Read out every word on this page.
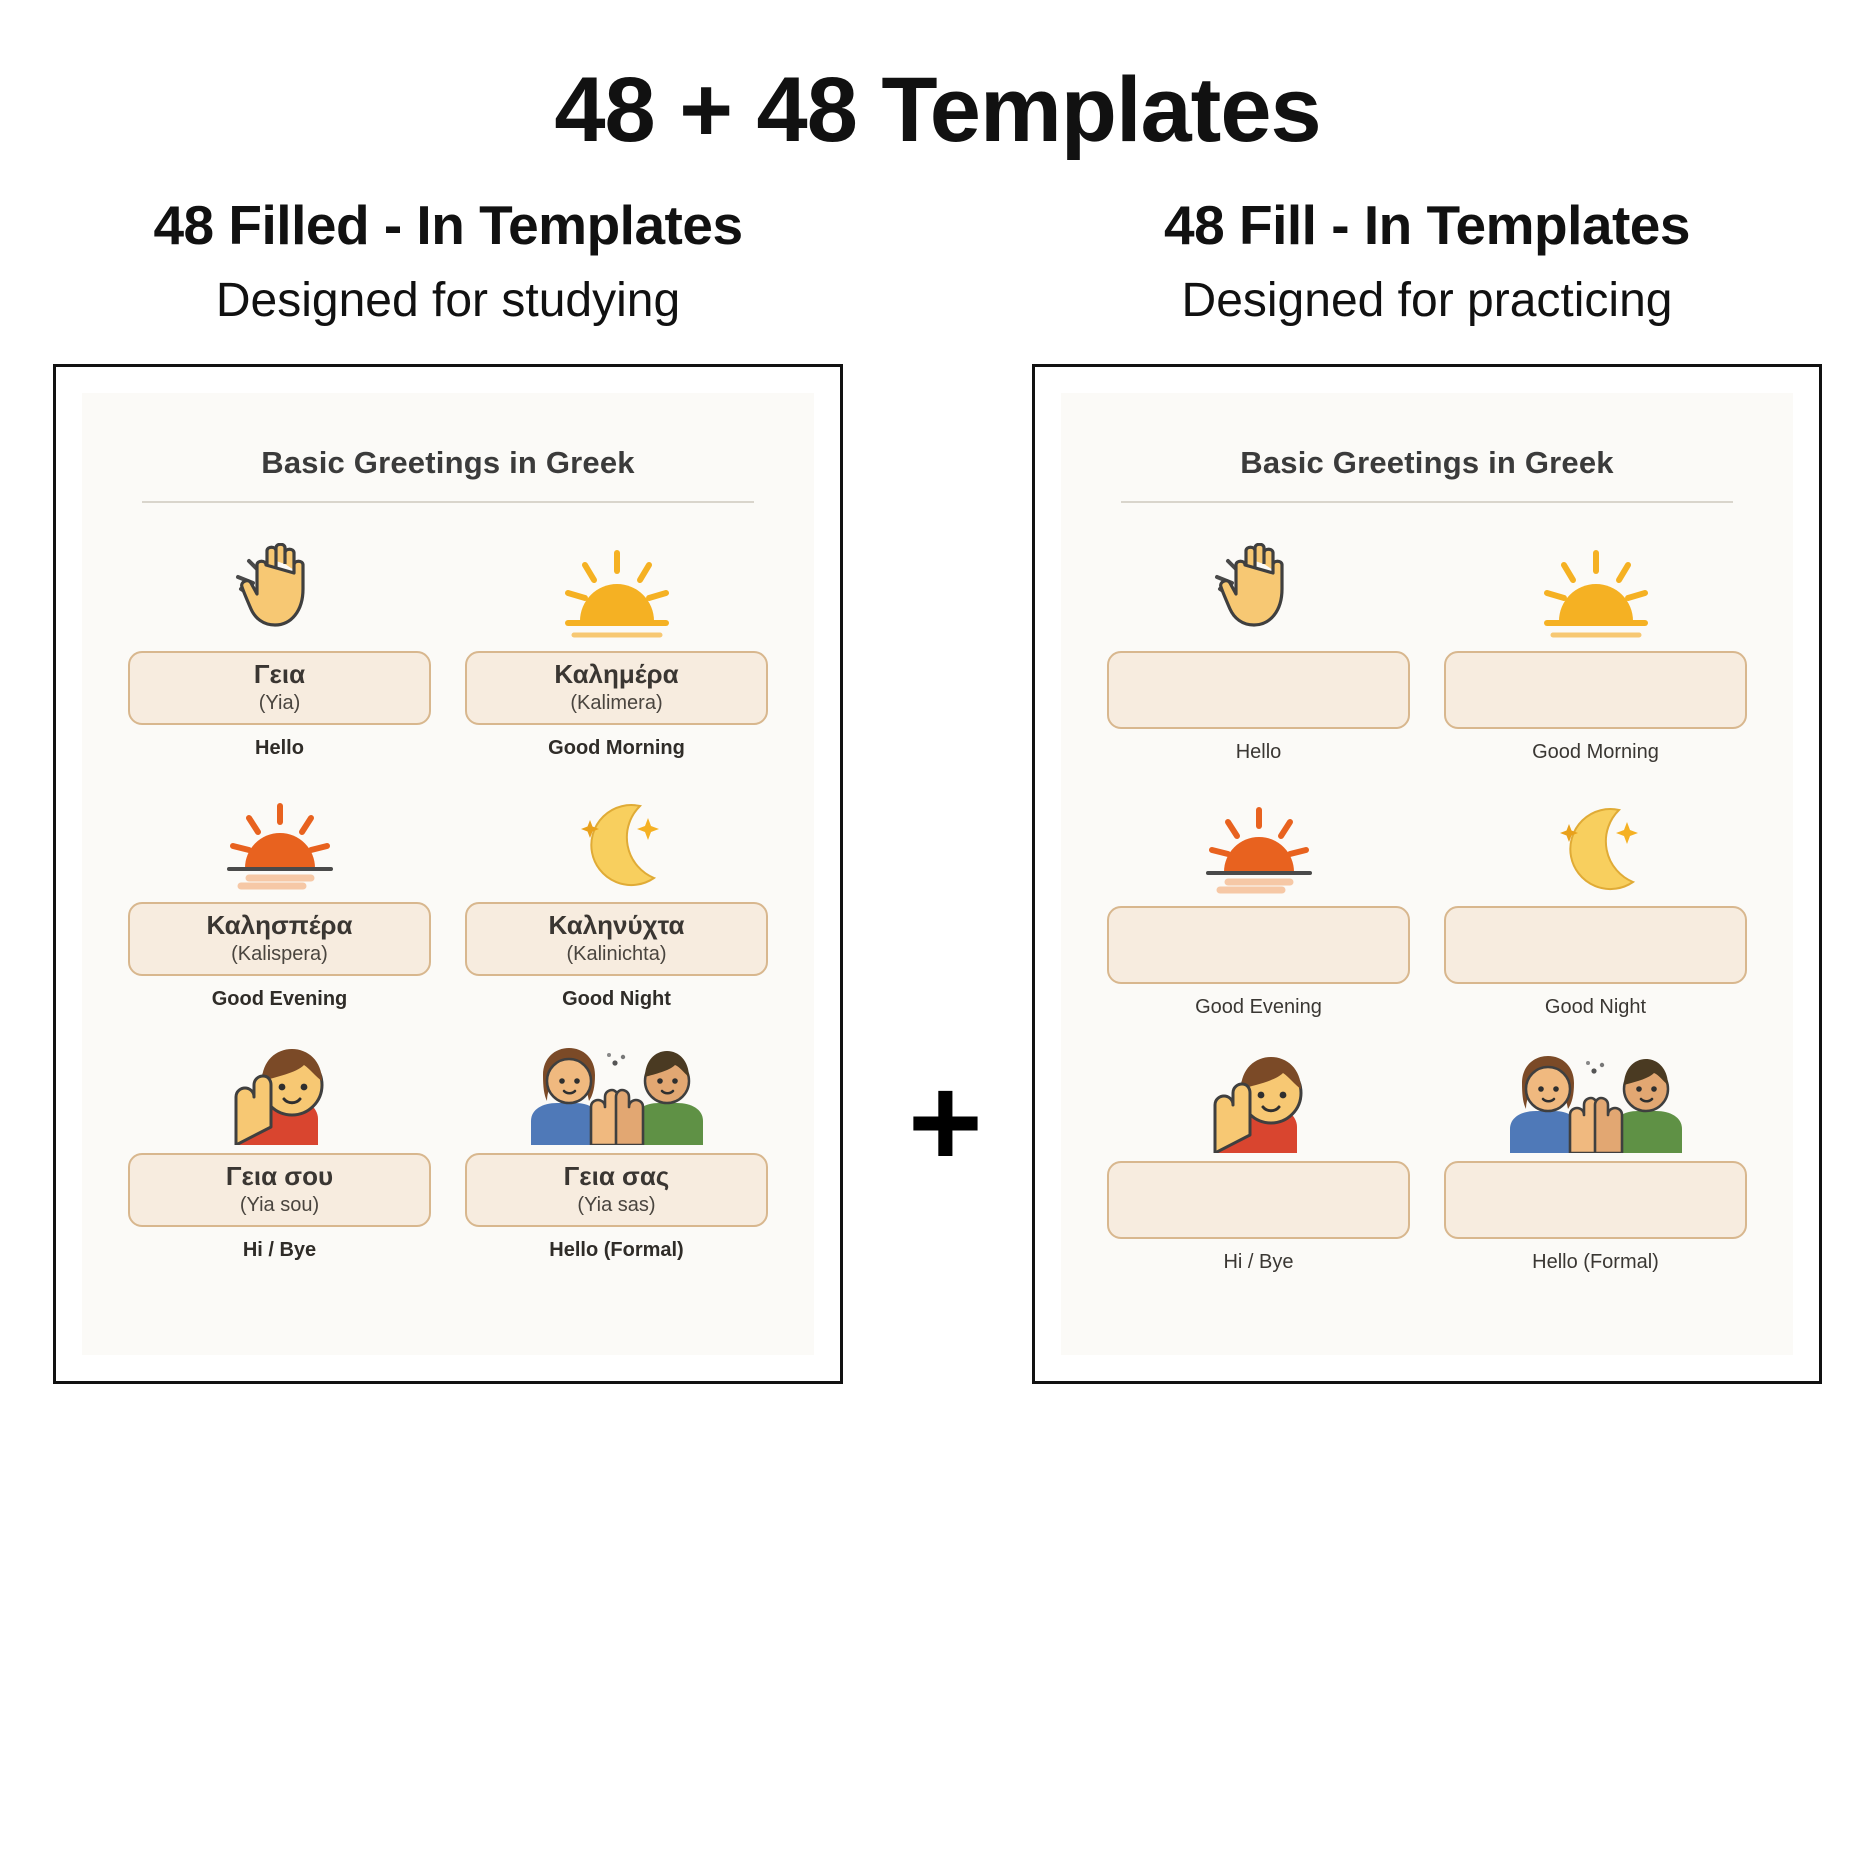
48 + 48 Templates
48 Filled - In Templates
Designed for studying
Basic Greetings in Greek
Γεια
(Yia)
Hello
Καλημέρα
(Kalimera)
Good Morning
Καλησπέρα
(Kalispera)
Good Evening
Καληνύχτα
(Kalinichta)
Good Night
Γεια σου
(Yia sou)
Hi / Bye
Γεια σας
(Yia sas)
Hello (Formal)
+
48 Fill - In Templates
Designed for practicing
Basic Greetings in Greek
Hello	Good Morning
Good Evening	Good Night
Hi / Bye	Hello (Formal)
